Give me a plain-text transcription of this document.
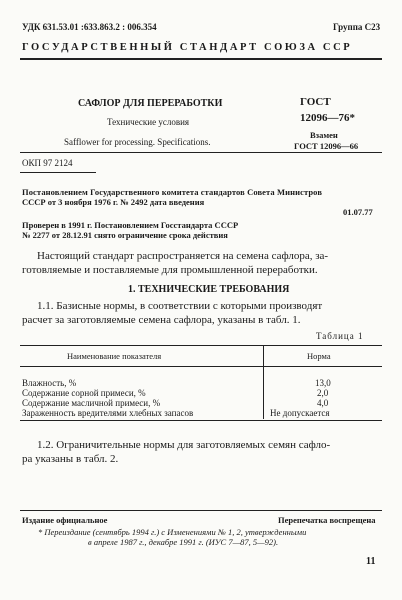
УДК 631.53.01 :633.863.2 : 006.354	Группа С23
ГОСУДАРСТВЕННЫЙ СТАНДАРТ СОЮЗА ССР
САФЛОР ДЛЯ ПЕРЕРАБОТКИ
Технические условия
Safflower for processing. Specifications.
ГОСТ
12096—76*
Взамен
ГОСТ 12096—66
ОКП 97 2124
Постановлением Государственного комитета стандартов Совета Министров
СССР от 3 ноября 1976 г. № 2492 дата введения
01.07.77
Проверен в 1991 г. Постановлением Госстандарта СССР
№ 2277 от 28.12.91 снято ограничение срока действия
Настоящий стандарт распространяется на семена сафлора, за-
готовляемые и поставляемые для промышленной переработки.
1. ТЕХНИЧЕСКИЕ ТРЕБОВАНИЯ
1.1. Базисные нормы, в соответствии с которыми производят
расчет за заготовляемые семена сафлора, указаны в табл. 1.
Таблица 1
Наименование показателя	Норма
Влажность, %	13,0
Содержание сорной примеси, %	2,0
Содержание масличной примеси, %	4,0
Зараженность вредителями хлебных запасов	Не допускается
1.2. Ограничительные нормы для заготовляемых семян сафло-
ра указаны в табл. 2.
Издание официальное	Перепечатка воспрещена
* Переиздание (сентябрь 1994 г.) с Изменениями № 1, 2, утвержденными
в апреле 1987 г., декабре 1991 г. (ИУС 7—87, 5—92).
11
